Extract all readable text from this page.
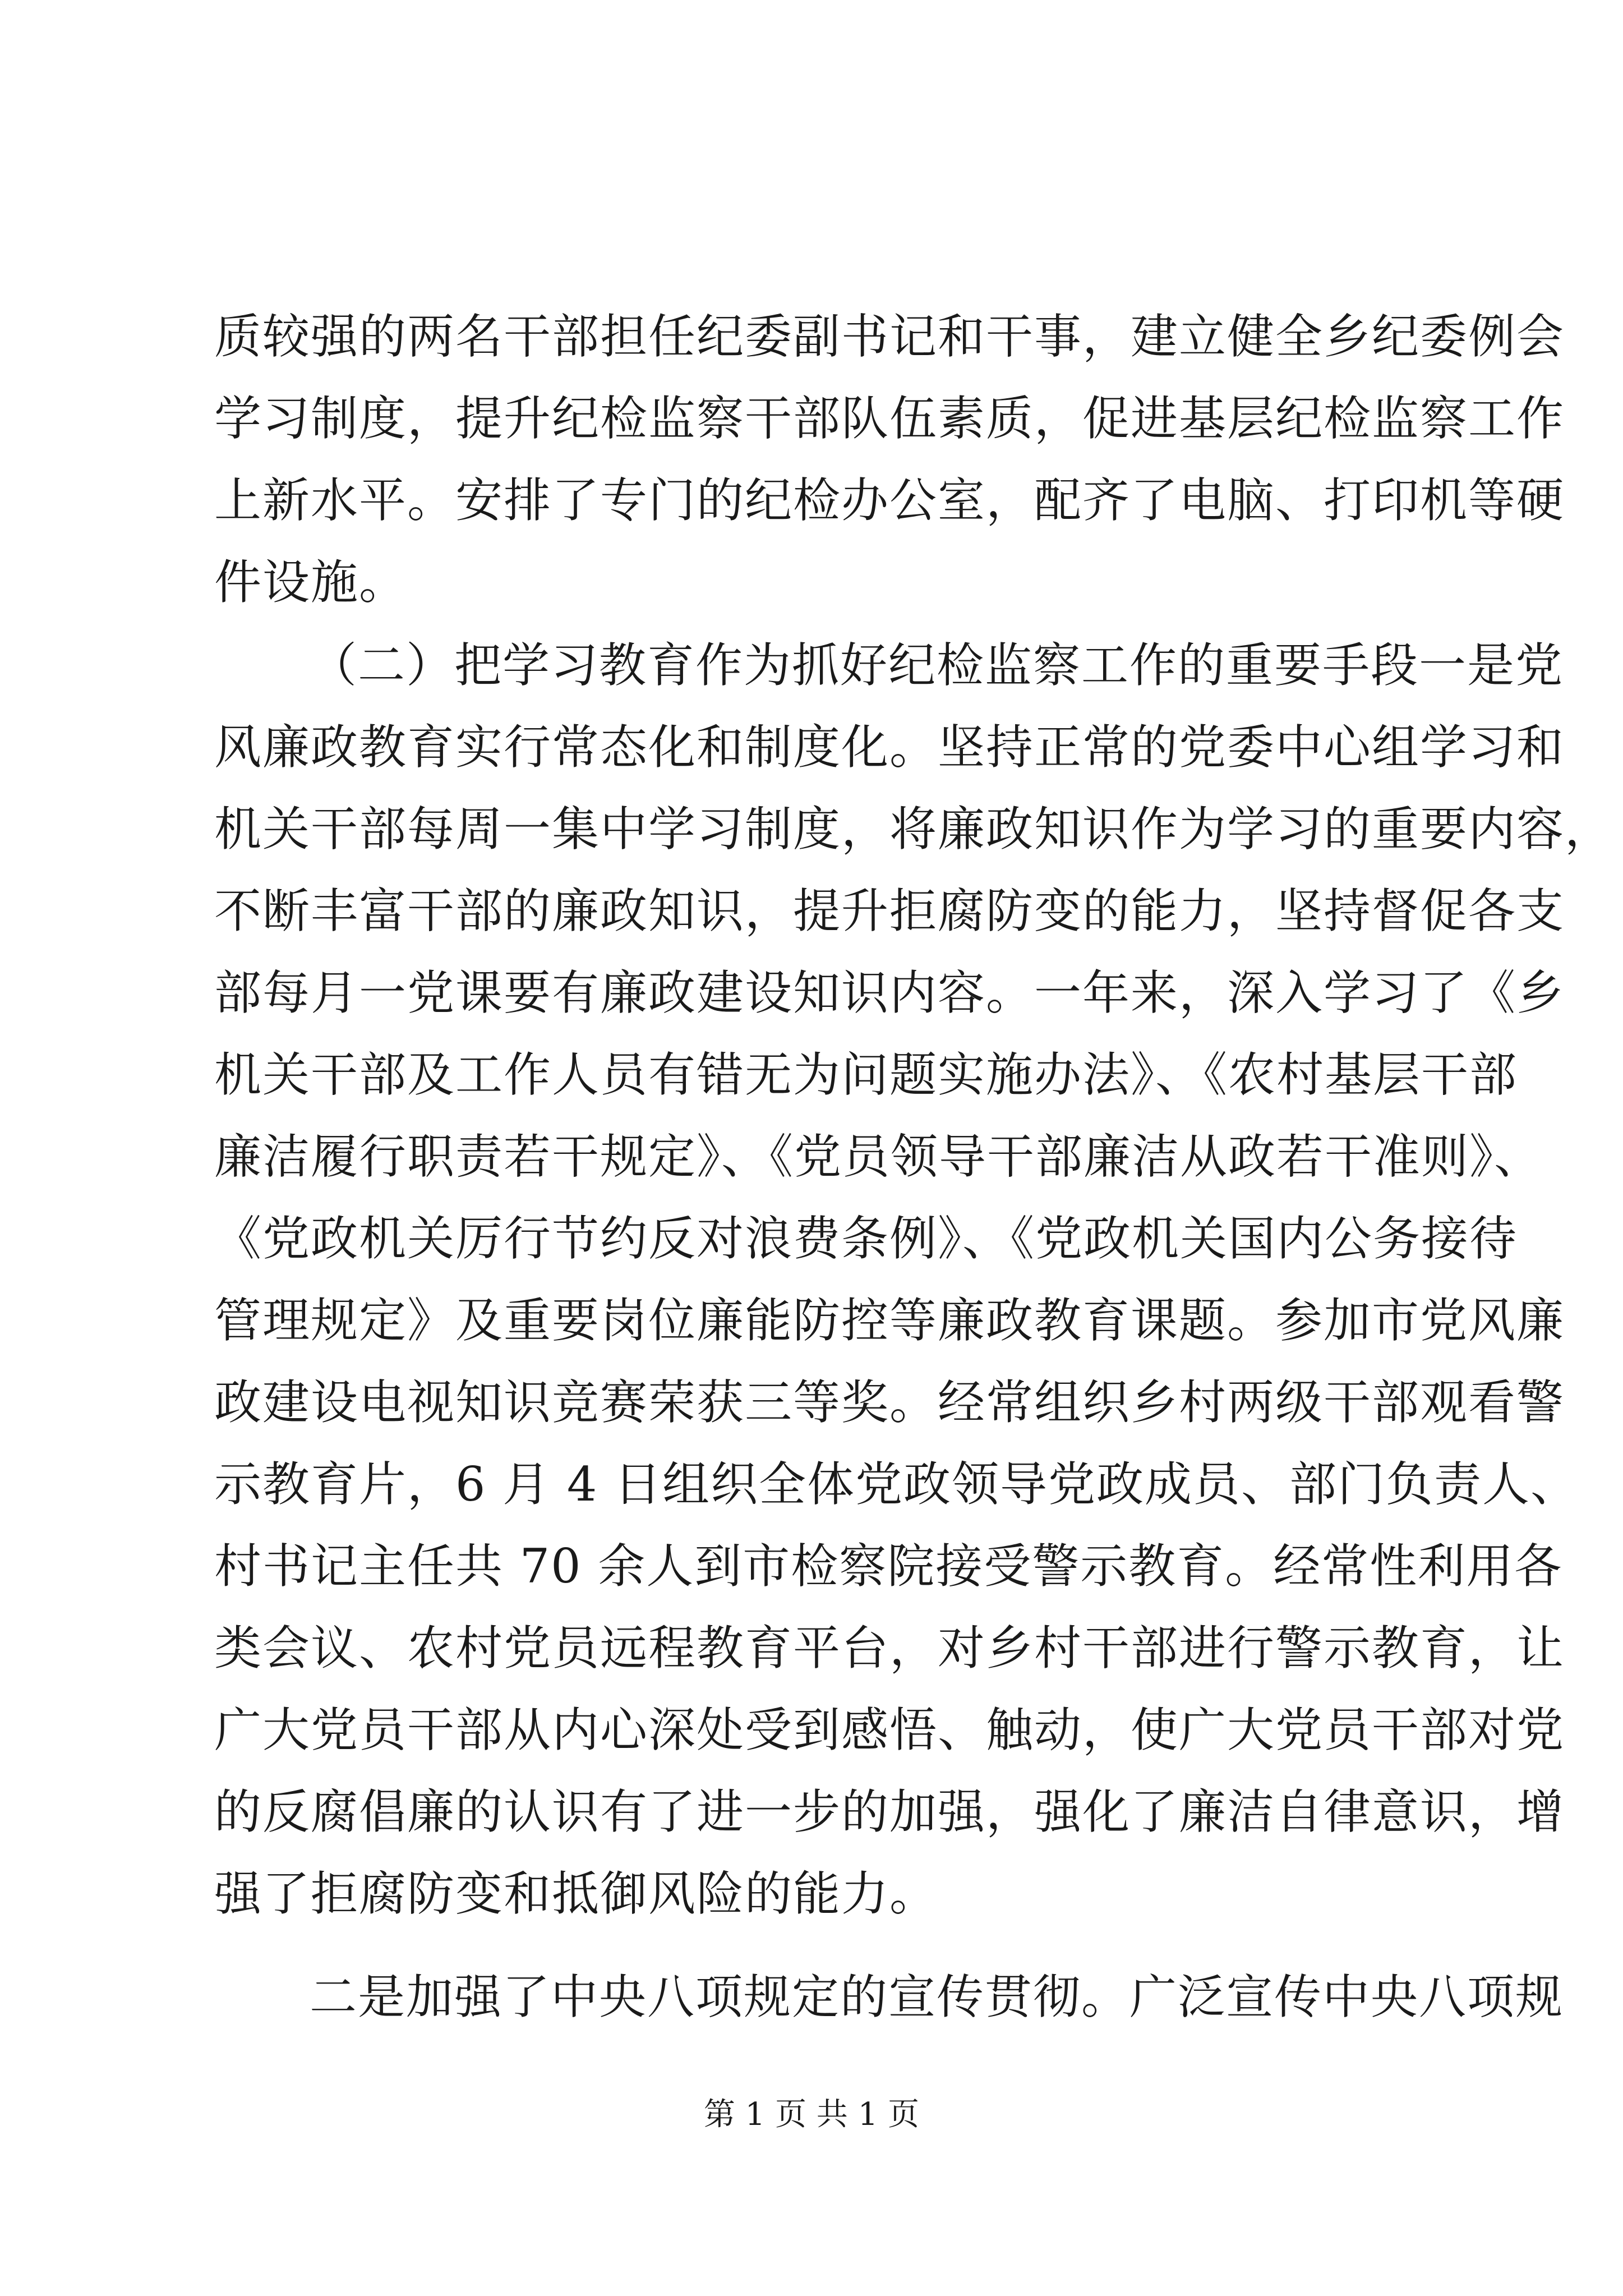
质较强的两名干部担任纪委副书记和干事，建立健全乡纪委例会
学习制度，提升纪检监察干部队伍素质，促进基层纪检监察工作
上新水平。安排了专门的纪检办公室，配齐了电脑、打印机等硬
件设施。
（二）把学习教育作为抓好纪检监察工作的重要手段一是党
风廉政教育实行常态化和制度化。坚持正常的党委中心组学习和
机关干部每周一集中学习制度，将廉政知识作为学习的重要内容，
不断丰富干部的廉政知识，提升拒腐防变的能力，坚持督促各支
部每月一党课要有廉政建设知识内容。一年来，深入学习了《乡
机关干部及工作人员有错无为问题实施办法》、《农村基层干部
廉洁履行职责若干规定》、《党员领导干部廉洁从政若干准则》、
《党政机关厉行节约反对浪费条例》、《党政机关国内公务接待
管理规定》及重要岗位廉能防控等廉政教育课题。参加市党风廉
政建设电视知识竞赛荣获三等奖。经常组织乡村两级干部观看警
示教育片，6 月 4 日组织全体党政领导党政成员、部门负责人、
村书记主任共 70 余人到市检察院接受警示教育。经常性利用各
类会议、农村党员远程教育平台，对乡村干部进行警示教育，让
广大党员干部从内心深处受到感悟、触动，使广大党员干部对党
的反腐倡廉的认识有了进一步的加强，强化了廉洁自律意识，增
强了拒腐防变和抵御风险的能力。
二是加强了中央八项规定的宣传贯彻。广泛宣传中央八项规
第 1 页 共 1 页
